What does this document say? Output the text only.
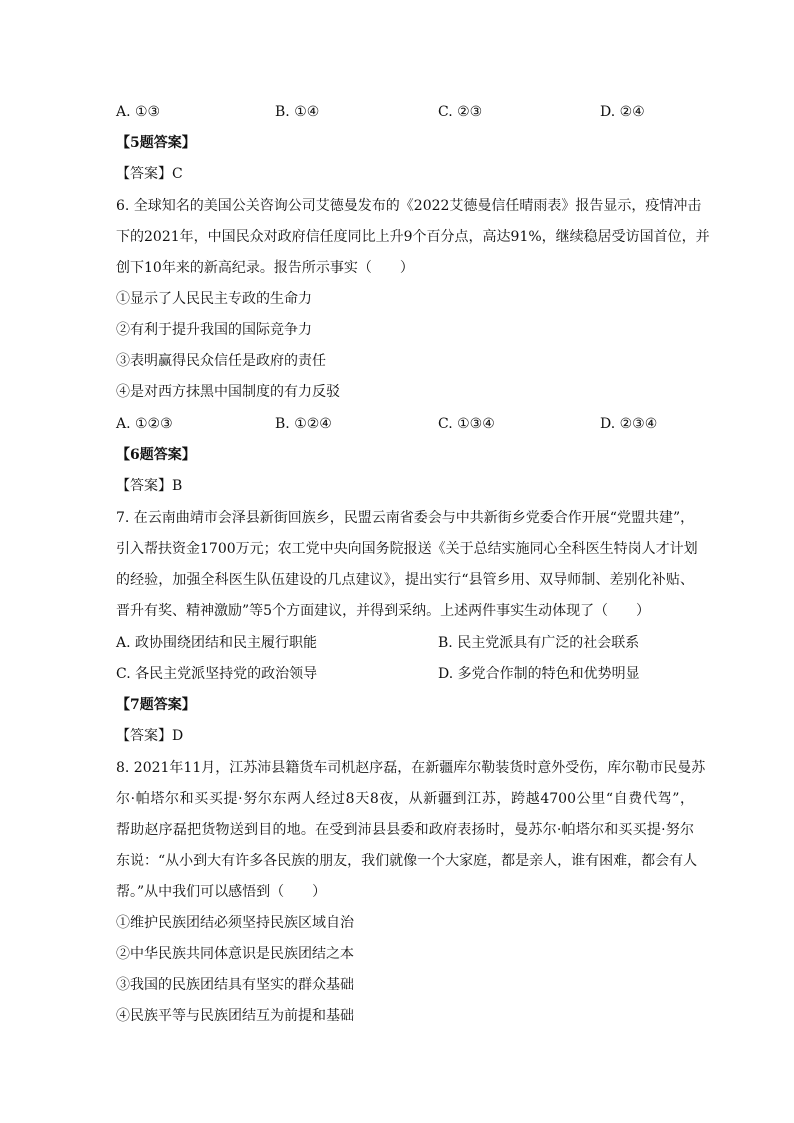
A. ①③	B. ①④	C. ②③	D. ②④
【5题答案】
【答案】C
6. 全球知名的美国公关咨询公司艾德曼发布的《2022艾德曼信任晴雨表》报告显示，疫情冲击
下的2021年，中国民众对政府信任度同比上升9个百分点，高达91%，继续稳居受访国首位，并
创下10年来的新高纪录。报告所示事实（　　）
①显示了人民民主专政的生命力
②有利于提升我国的国际竞争力
③表明赢得民众信任是政府的责任
④是对西方抹黑中国制度的有力反驳
A. ①②③	B. ①②④	C. ①③④	D. ②③④
【6题答案】
【答案】B
7. 在云南曲靖市会泽县新街回族乡，民盟云南省委会与中共新街乡党委合作开展“党盟共建”，
引入帮扶资金1700万元；农工党中央向国务院报送《关于总结实施同心全科医生特岗人才计划
的经验，加强全科医生队伍建设的几点建议》，提出实行“县管乡用、双导师制、差别化补贴、
晋升有奖、精神激励”等5个方面建议，并得到采纳。上述两件事实生动体现了（　　）
A. 政协围绕团结和民主履行职能	B. 民主党派具有广泛的社会联系
C. 各民主党派坚持党的政治领导	D. 多党合作制的特色和优势明显
【7题答案】
【答案】D
8. 2021年11月，江苏沛县籍货车司机赵序磊，在新疆库尔勒装货时意外受伤，库尔勒市民曼苏
尔·帕塔尔和买买提·努尔东两人经过8天8夜，从新疆到江苏，跨越4700公里“自费代驾”，
帮助赵序磊把货物送到目的地。在受到沛县县委和政府表扬时，曼苏尔·帕塔尔和买买提·努尔
东说：“从小到大有许多各民族的朋友，我们就像一个大家庭，都是亲人，谁有困难，都会有人
帮。”从中我们可以感悟到（　　）
①维护民族团结必须坚持民族区域自治
②中华民族共同体意识是民族团结之本
③我国的民族团结具有坚实的群众基础
④民族平等与民族团结互为前提和基础
